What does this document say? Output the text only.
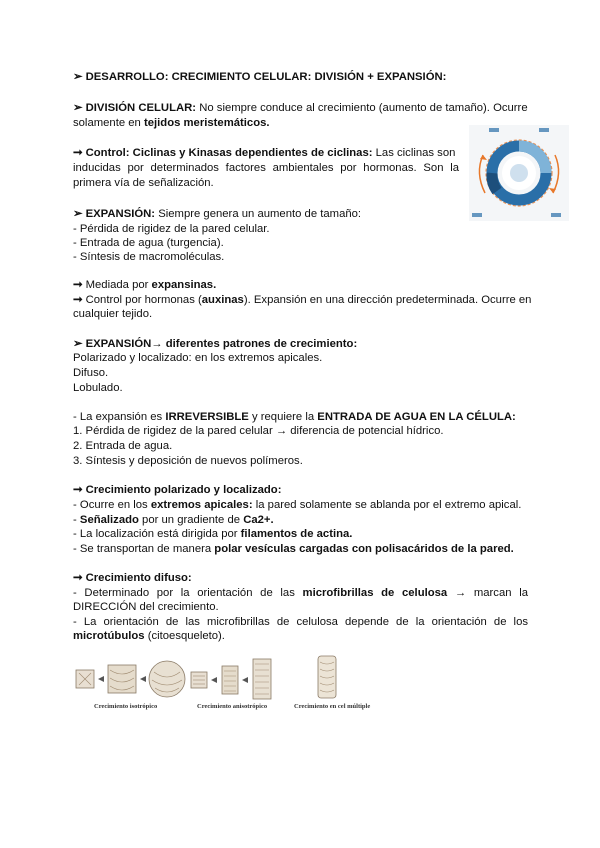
➢ DESARROLLO: CRECIMIENTO CELULAR: DIVISIÓN + EXPANSIÓN:
➢ DIVISIÓN CELULAR: No siempre conduce al crecimiento (aumento de tamaño). Ocurre
solamente en tejidos meristemáticos.
➞ Control: Ciclinas y Kinasas dependientes de ciclinas: Las ciclinas son
inducidas por determinados factores ambientales por hormonas. Son la
primera vía de señalización.
➢ EXPANSIÓN: Siempre genera un aumento de tamaño:
- Pérdida de rigidez de la pared celular.
- Entrada de agua (turgencia).
- Síntesis de macromoléculas.
➞ Mediada por expansinas.
➞ Control por hormonas (auxinas). Expansión en una dirección predeterminada. Ocurre en
cualquier tejido.
➢ EXPANSIÓN→ diferentes patrones de crecimiento:
Polarizado y localizado: en los extremos apicales.
Difuso.
Lobulado.
- La expansión es IRREVERSIBLE y requiere la ENTRADA DE AGUA EN LA CÉLULA:
1. Pérdida de rigidez de la pared celular → diferencia de potencial hídrico.
2. Entrada de agua.
3. Síntesis y deposición de nuevos polímeros.
➞ Crecimiento polarizado y localizado:
- Ocurre en los extremos apicales: la pared solamente se ablanda por el extremo apical.
- Señalizado por un gradiente de Ca2+.
- La localización está dirigida por filamentos de actina.
- Se transportan de manera polar vesículas cargadas con polisacáridos de la pared.
➞ Crecimiento difuso:
- Determinado por la orientación de las microfibrillas de celulosa → marcan la
DIRECCIÓN del crecimiento.
- La orientación de las microfibrillas de celulosa depende de la orientación de los
microtúbulos (citoesqueleto).
Crecimiento isotrópico	Crecimiento anisotrópico	Crecimiento en cel múltiple
